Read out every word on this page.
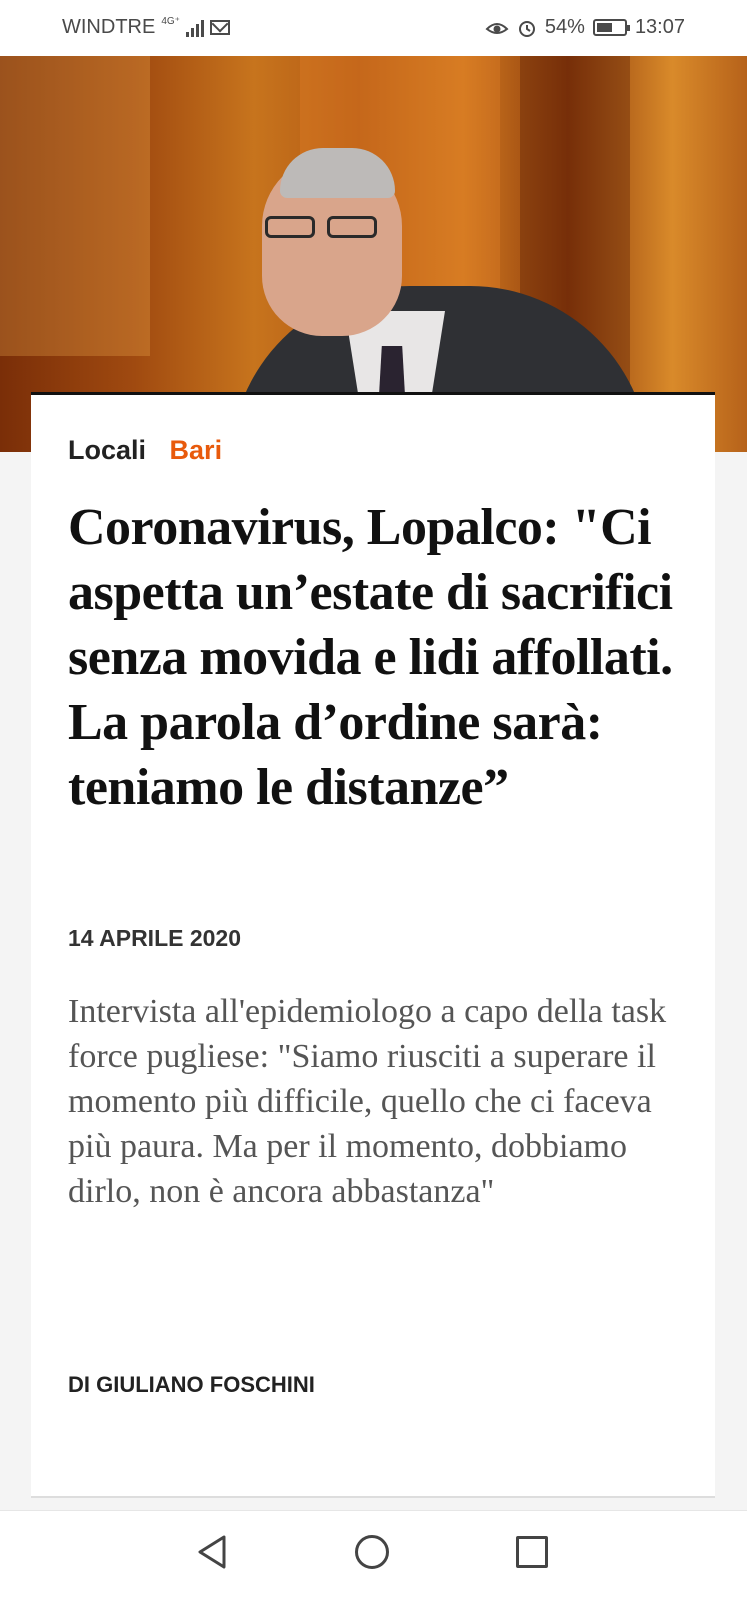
WINDTRE 4G⁺	54%	13:07
Locali Bari
Coronavirus, Lopalco: "Ci aspetta un’estate di sacrifici senza movida e lidi affollati. La parola d’ordine sarà: teniamo le distanze”
14 APRILE 2020

Intervista all'epidemiologo a capo della task force pugliese: "Siamo riusciti a superare il momento più difficile, quello che ci faceva più paura. Ma per il momento, dobbiamo dirlo, non è ancora abbastanza"

DI GIULIANO FOSCHINI
